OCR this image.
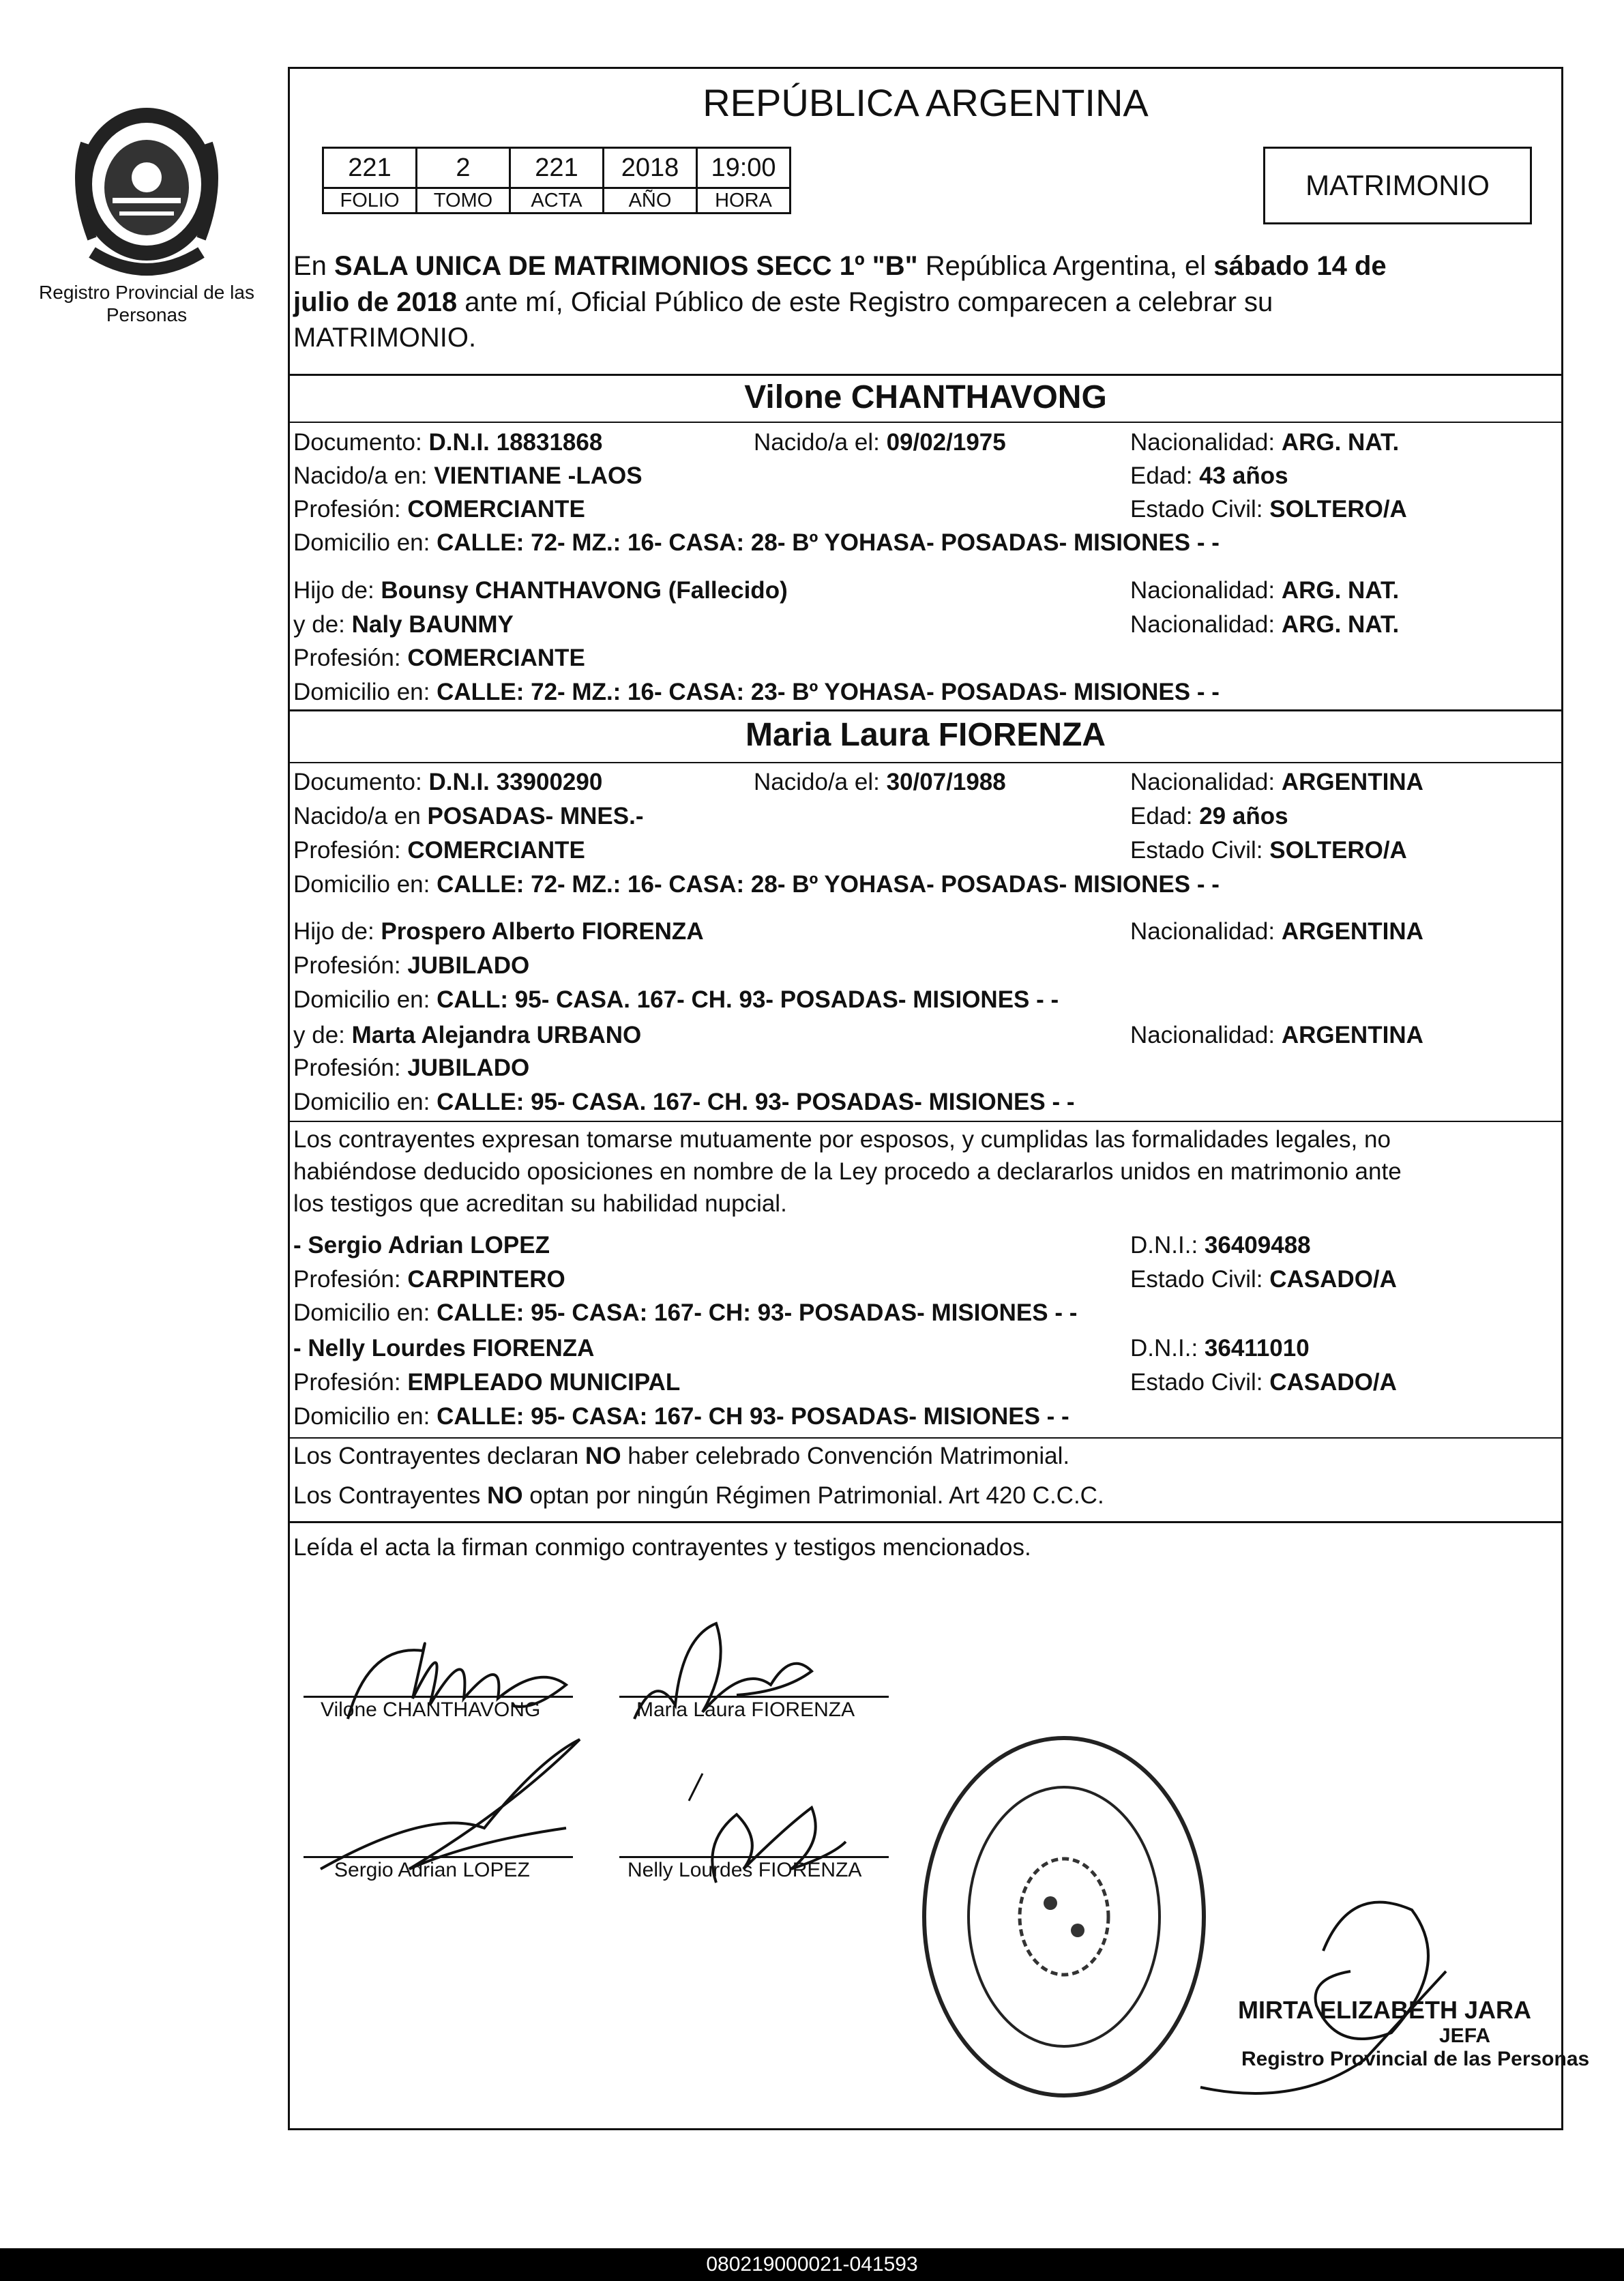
Registro Provincial de las Personas
REPÚBLICA ARGENTINA
221	2	221	2018	19:00
FOLIO	TOMO	ACTA	AÑO	HORA	MATRIMONIO
En SALA UNICA DE MATRIMONIOS SECC 1º "B" República Argentina, el sábado 14 de
julio de 2018 ante mí, Oficial Público de este Registro comparecen a celebrar su
MATRIMONIO.
Vilone CHANTHAVONG
Documento: D.N.I. 18831868	Nacido/a el: 09/02/1975	Nacionalidad: ARG. NAT.
Nacido/a en: VIENTIANE -LAOS	Edad: 43 años
Profesión: COMERCIANTE	Estado Civil: SOLTERO/A
Domicilio en: CALLE: 72- MZ.: 16- CASA: 28- Bº YOHASA- POSADAS- MISIONES - -
Hijo de: Bounsy CHANTHAVONG (Fallecido)	Nacionalidad: ARG. NAT.
y de: Naly BAUNMY	Nacionalidad: ARG. NAT.
Profesión: COMERCIANTE
Domicilio en: CALLE: 72- MZ.: 16- CASA: 23- Bº YOHASA- POSADAS- MISIONES - -
Maria Laura FIORENZA
Documento: D.N.I. 33900290	Nacido/a el: 30/07/1988	Nacionalidad: ARGENTINA
Nacido/a en POSADAS- MNES.-	Edad: 29 años
Profesión: COMERCIANTE	Estado Civil: SOLTERO/A
Domicilio en: CALLE: 72- MZ.: 16- CASA: 28- Bº YOHASA- POSADAS- MISIONES - -
Hijo de: Prospero Alberto FIORENZA	Nacionalidad: ARGENTINA
Profesión: JUBILADO
Domicilio en: CALL: 95- CASA. 167- CH. 93- POSADAS- MISIONES - -
y de: Marta Alejandra URBANO	Nacionalidad: ARGENTINA
Profesión: JUBILADO
Domicilio en: CALLE: 95- CASA. 167- CH. 93- POSADAS- MISIONES - -
Los contrayentes expresan tomarse mutuamente por esposos, y cumplidas las formalidades legales, no
habiéndose deducido oposiciones en nombre de la Ley procedo a declararlos unidos en matrimonio ante
los testigos que acreditan su habilidad nupcial.
- Sergio Adrian LOPEZ	D.N.I.: 36409488
Profesión: CARPINTERO	Estado Civil: CASADO/A
Domicilio en: CALLE: 95- CASA: 167- CH: 93- POSADAS- MISIONES - -
- Nelly Lourdes FIORENZA	D.N.I.: 36411010
Profesión: EMPLEADO MUNICIPAL	Estado Civil: CASADO/A
Domicilio en: CALLE: 95- CASA: 167- CH 93- POSADAS- MISIONES - -
Los Contrayentes declaran NO haber celebrado Convención Matrimonial.
Los Contrayentes NO optan por ningún Régimen Patrimonial. Art 420 C.C.C.
Leída el acta la firman conmigo contrayentes y testigos mencionados.
Vilone CHANTHAVONG	Maria Laura FIORENZA
Sergio Adrian LOPEZ	Nelly Lourdes FIORENZA
MIRTA ELIZABETH JARA
JEFA
Registro Provincial de las Personas
080219000021-041593
